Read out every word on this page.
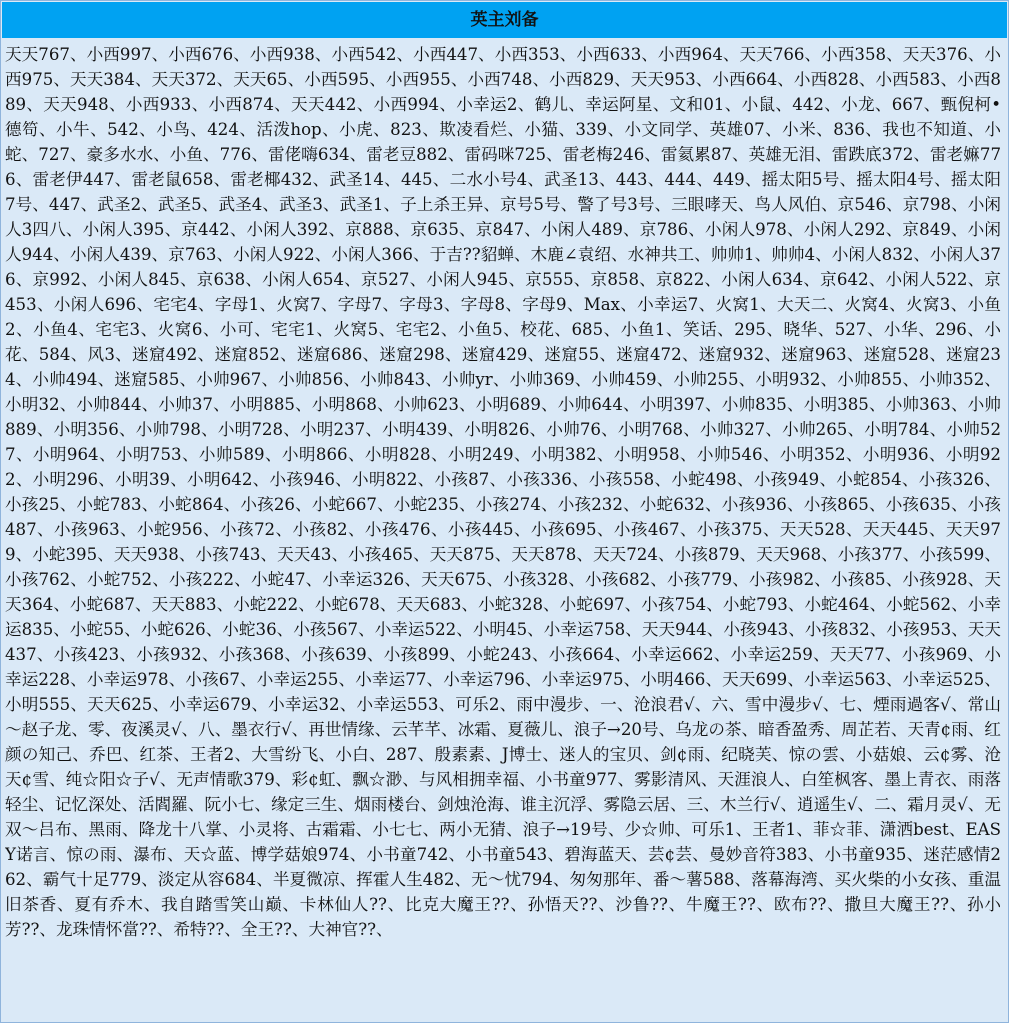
英主刘备
天天767、小西997、小西676、小西938、小西542、小西447、小西353、小西633、小西964、天天766、小西358、天天376、小西975、天天384、天天372、天天65、小西595、小西955、小西748、小西829、天天953、小西664、小西828、小西583、小西889、天天948、小西933、小西874、天天442、小西994、小幸运2、鹤儿、幸运阿星、文和01、小鼠、442、小龙、667、甄倪柯•德笱、小牛、542、小鸟、424、活泼hop、小虎、823、欺凌看烂、小猫、339、小文同学、英雄07、小米、836、我也不知道、小蛇、727、豪多水水、小鱼、776、雷佬嗨634、雷老豆882、雷码咪725、雷老梅246、雷氦累87、英雄无泪、雷跌底372、雷老嫲776、雷老伊447、雷老鼠658、雷老椰432、武圣14、445、二水小号4、武圣13、443、444、449、摇太阳5号、摇太阳4号、摇太阳7号、447、武圣2、武圣5、武圣4、武圣3、武圣1、子上杀王异、京号5号、警了号3号、三眼哮天、鸟人风伯、京546、京798、小闲人3四八、小闲人395、京442、小闲人392、京888、京635、京847、小闲人489、京786、小闲人978、小闲人292、京849、小闲人944、小闲人439、京763、小闲人922、小闲人366、于吉??貂蝉、木鹿∠袁绍、水神共工、帅帅1、帅帅4、小闲人832、小闲人376、京992、小闲人845、京638、小闲人654、京527、小闲人945、京555、京858、京822、小闲人634、京642、小闲人522、京453、小闲人696、宅宅4、字母1、火窝7、字母7、字母3、字母8、字母9、Max、小幸运7、火窝1、大天二、火窝4、火窝3、小鱼2、小鱼4、宅宅3、火窝6、小可、宅宅1、火窝5、宅宅2、小鱼5、校花、685、小鱼1、笑话、295、晓华、527、小华、296、小花、584、风3、迷窟492、迷窟852、迷窟686、迷窟298、迷窟429、迷窟55、迷窟472、迷窟932、迷窟963、迷窟528、迷窟234、小帅494、迷窟585、小帅967、小帅856、小帅843、小帅yr、小帅369、小帅459、小帅255、小明932、小帅855、小帅352、小明32、小帅844、小帅37、小明885、小明868、小帅623、小明689、小帅644、小明397、小帅835、小明385、小帅363、小帅889、小明356、小帅798、小明728、小明237、小明439、小明826、小帅76、小明768、小帅327、小帅265、小明784、小帅527、小明964、小明753、小帅589、小明866、小明828、小明249、小明382、小明958、小帅546、小明352、小明936、小明922、小明296、小明39、小明642、小孩946、小明822、小孩87、小孩336、小孩558、小蛇498、小孩949、小蛇854、小孩326、小孩25、小蛇783、小蛇864、小孩26、小蛇667、小蛇235、小孩274、小孩232、小蛇632、小孩936、小孩865、小孩635、小孩487、小孩963、小蛇956、小孩72、小孩82、小孩476、小孩445、小孩695、小孩467、小孩375、天天528、天天445、天天979、小蛇395、天天938、小孩743、天天43、小孩465、天天875、天天878、天天724、小孩879、天天968、小孩377、小孩599、小孩762、小蛇752、小孩222、小蛇47、小幸运326、天天675、小孩328、小孩682、小孩779、小孩982、小孩85、小孩928、天天364、小蛇687、天天883、小蛇222、小蛇678、天天683、小蛇328、小蛇697、小孩754、小蛇793、小蛇464、小蛇562、小幸运835、小蛇55、小蛇626、小蛇36、小孩567、小幸运522、小明45、小幸运758、天天944、小孩943、小孩832、小孩953、天天437、小孩423、小孩932、小孩368、小孩639、小孩899、小蛇243、小孩664、小幸运662、小幸运259、天天77、小孩969、小幸运228、小幸运978、小孩67、小幸运255、小幸运77、小幸运796、小幸运975、小明466、天天699、小幸运563、小幸运525、小明555、天天625、小幸运679、小幸运32、小幸运553、可乐2、雨中漫步、一、沧浪君√、六、雪中漫步√、七、煙雨過客√、常山～赵子龙、零、夜溪灵√、八、墨衣行√、再世情缘、云芊芊、冰霜、夏薇儿、浪子→20号、乌龙の茶、暗香盈秀、周芷若、天青¢雨、红颜の知己、乔巴、红茶、王者2、大雪纷飞、小白、287、殷素素、J博士、迷人的宝贝、剑¢雨、纪晓芙、惊の雲、小菇娘、云¢雾、沧天¢雪、纯☆阳☆子√、无声情歌379、彩¢虹、飘☆渺、与风相拥幸福、小书童977、雾影清风、天涯浪人、白笙枫客、墨上青衣、雨落轻尘、记忆深处、活閻羅、阮小七、缘定三生、烟雨楼台、剑烛沧海、谁主沉浮、雾隐云居、三、木兰行√、逍遥生√、二、霜月灵√、无双～吕布、黑雨、降龙十八掌、小灵将、古霜霜、小七七、两小无猜、浪子→19号、少☆帅、可乐1、王者1、菲☆菲、潇洒best、EASY诺言、惊の雨、瀑布、天☆蓝、博学菇娘974、小书童742、小书童543、碧海蓝天、芸¢芸、曼妙音符383、小书童935、迷茫感情262、霸气十足779、淡定从容684、半夏微凉、挥霍人生482、无～忧794、匆匆那年、番～薯588、落幕海湾、买火柴的小女孩、重温旧茶香、夏有乔木、我自踏雪笑山巅、卡林仙人??、比克大魔王??、孙悟天??、沙鲁??、牛魔王??、欧布??、撒旦大魔王??、孙小芳??、龙珠情怀當??、希特??、全王??、大神官??、
